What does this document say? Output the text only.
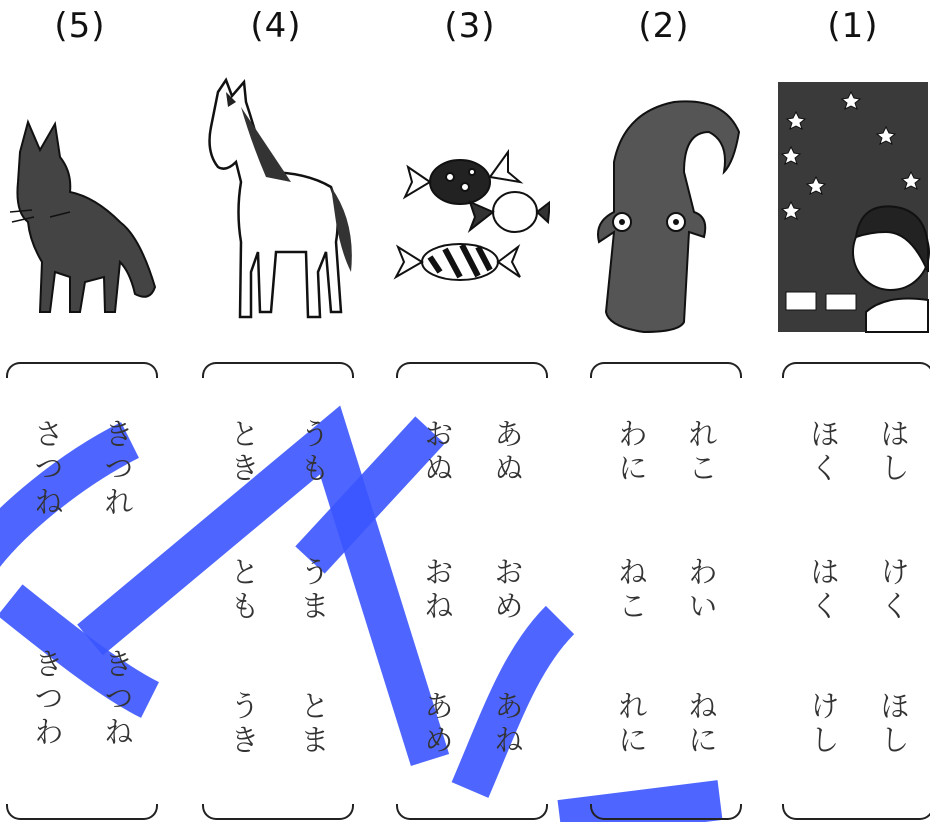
(5)
きつれ
さつね
きつね
きつわ
(4)
うも
とき
うま
とも
とま
うき
(3)
あぬ
おぬ
おめ
おね
あね
あめ
(2)
れこ
わに
わい
ねこ
ねに
れに
(1)
はし
ほく
けく
はく
ほし
けし
